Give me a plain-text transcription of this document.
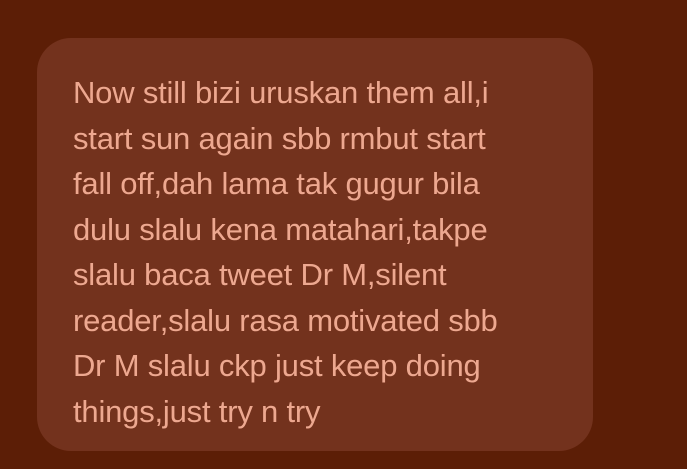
Now still bizi uruskan them all,i
start sun again sbb rmbut start
fall off,dah lama tak gugur bila
dulu slalu kena matahari,takpe
slalu baca tweet Dr M,silent
reader,slalu rasa motivated sbb
Dr M slalu ckp just keep doing
things,just try n try
